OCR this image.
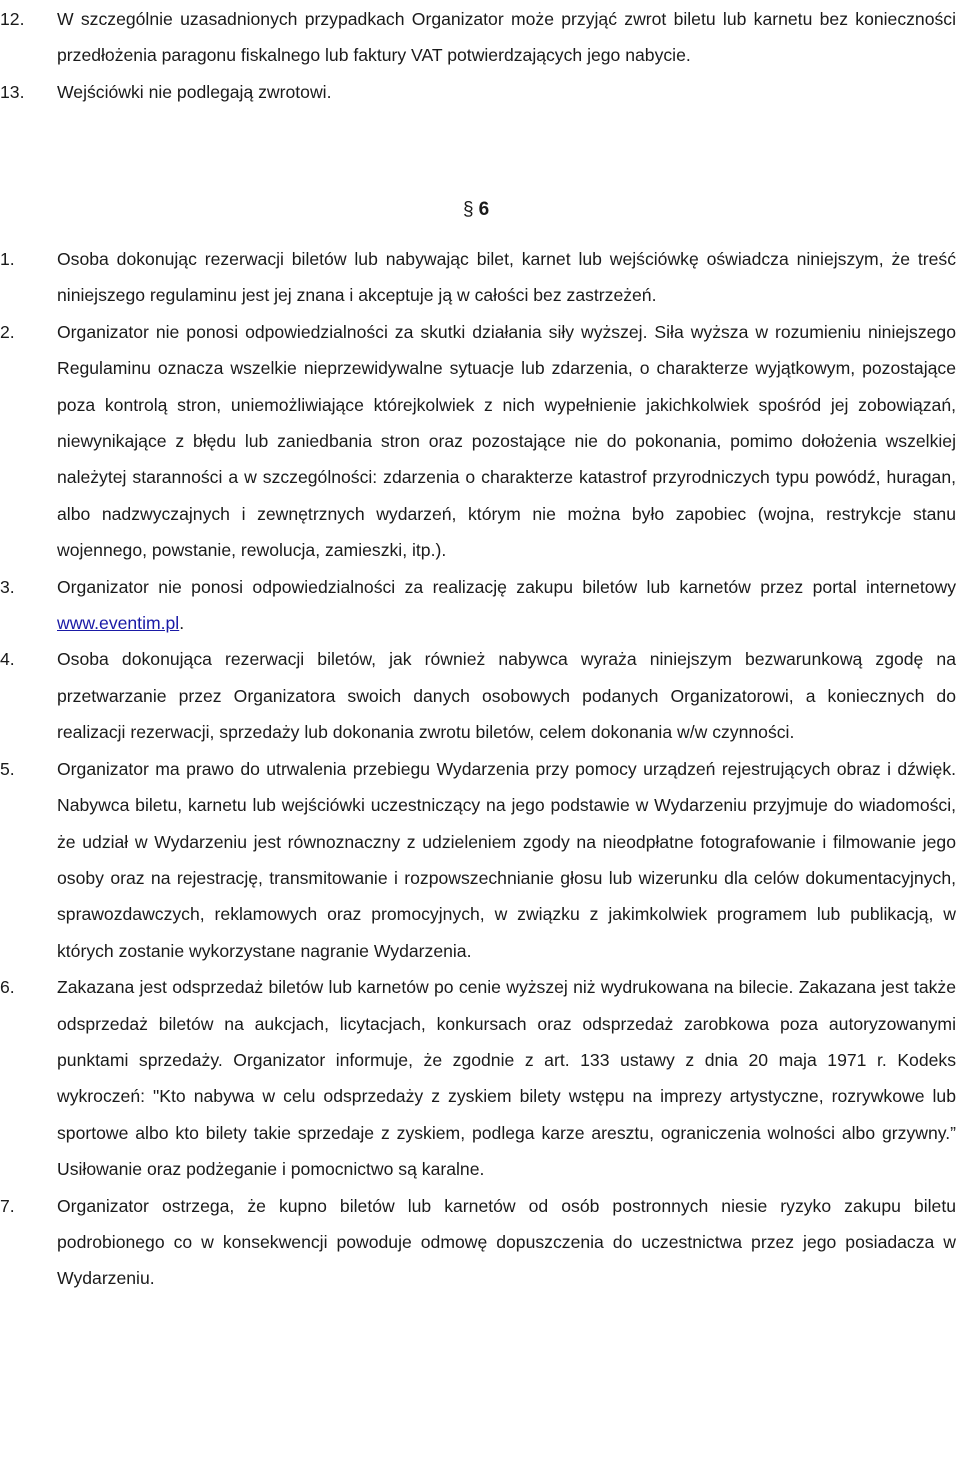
12.	W szczególnie uzasadnionych przypadkach Organizator może przyjąć zwrot biletu lub karnetu bez konieczności przedłożenia paragonu fiskalnego lub faktury VAT potwierdzających jego nabycie.
13.	Wejściówki nie podlegają zwrotowi.
§ 6
1.	Osoba dokonując rezerwacji biletów lub nabywając bilet, karnet lub wejściówkę oświadcza niniejszym, że treść niniejszego regulaminu jest jej znana i akceptuje ją w całości bez zastrzeżeń.
2.	Organizator nie ponosi odpowiedzialności za skutki działania siły wyższej. Siła wyższa w rozumieniu niniejszego Regulaminu oznacza wszelkie nieprzewidywalne sytuacje lub zdarzenia, o charakterze wyjątkowym, pozostające poza kontrolą stron, uniemożliwiające którejkolwiek z nich wypełnienie jakichkolwiek spośród jej zobowiązań, niewynikające z błędu lub zaniedbania stron oraz pozostające nie do pokonania, pomimo dołożenia wszelkiej należytej staranności a w szczególności: zdarzenia o charakterze katastrof przyrodniczych typu powódź, huragan, albo nadzwyczajnych i zewnętrznych wydarzeń, którym nie można było zapobiec (wojna, restrykcje stanu wojennego, powstanie, rewolucja, zamieszki, itp.).
3.	Organizator nie ponosi odpowiedzialności za realizację zakupu biletów lub karnetów przez portal internetowy www.eventim.pl.
4.	Osoba dokonująca rezerwacji biletów, jak również nabywca wyraża niniejszym bezwarunkową zgodę na przetwarzanie przez Organizatora swoich danych osobowych podanych Organizatorowi, a koniecznych do realizacji rezerwacji, sprzedaży lub dokonania zwrotu biletów, celem dokonania w/w czynności.
5.	Organizator ma prawo do utrwalenia przebiegu Wydarzenia przy pomocy urządzeń rejestrujących obraz i dźwięk. Nabywca biletu, karnetu lub wejściówki uczestniczący na jego podstawie w Wydarzeniu przyjmuje do wiadomości, że udział w Wydarzeniu jest równoznaczny z udzieleniem zgody na nieodpłatne fotografowanie i filmowanie jego osoby oraz na rejestrację, transmitowanie i rozpowszechnianie głosu lub wizerunku dla celów dokumentacyjnych, sprawozdawczych, reklamowych oraz promocyjnych, w związku z jakimkolwiek programem lub publikacją, w których zostanie wykorzystane nagranie Wydarzenia.
6.	Zakazana jest odsprzedaż biletów lub karnetów po cenie wyższej niż wydrukowana na bilecie. Zakazana jest także odsprzedaż biletów na aukcjach, licytacjach, konkursach oraz odsprzedaż zarobkowa poza autoryzowanymi punktami sprzedaży. Organizator informuje, że zgodnie z art. 133 ustawy z dnia 20 maja 1971 r. Kodeks wykroczeń: "Kto nabywa w celu odsprzedaży z zyskiem bilety wstępu na imprezy artystyczne, rozrywkowe lub sportowe albo kto bilety takie sprzedaje z zyskiem, podlega karze aresztu, ograniczenia wolności albo grzywny.” Usiłowanie oraz podżeganie i pomocnictwo są karalne.
7.	Organizator ostrzega, że kupno biletów lub karnetów od osób postronnych niesie ryzyko zakupu biletu podrobionego co w konsekwencji powoduje odmowę dopuszczenia do uczestnictwa przez jego posiadacza w Wydarzeniu.
